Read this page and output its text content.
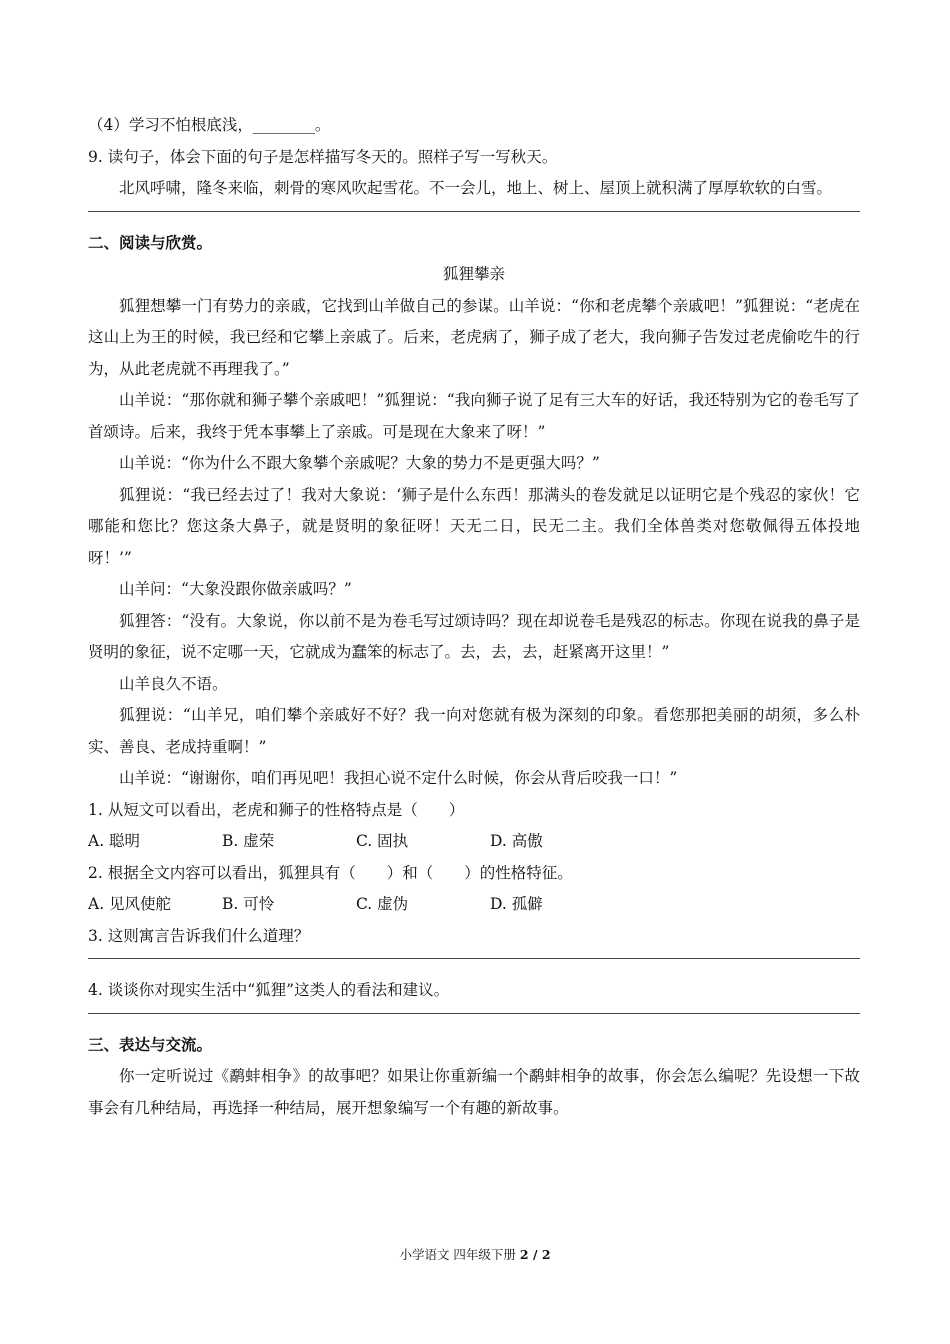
（4）学习不怕根底浅，________。
9. 读句子，体会下面的句子是怎样描写冬天的。照样子写一写秋天。
北风呼啸，隆冬来临，刺骨的寒风吹起雪花。不一会儿，地上、树上、屋顶上就积满了厚厚软软的白雪。
二、阅读与欣赏。
狐狸攀亲
狐狸想攀一门有势力的亲戚，它找到山羊做自己的参谋。山羊说：“你和老虎攀个亲戚吧！”狐狸说：“老虎在这山上为王的时候，我已经和它攀上亲戚了。后来，老虎病了，狮子成了老大，我向狮子告发过老虎偷吃牛的行为，从此老虎就不再理我了。”
山羊说：“那你就和狮子攀个亲戚吧！”狐狸说：“我向狮子说了足有三大车的好话，我还特别为它的卷毛写了首颂诗。后来，我终于凭本事攀上了亲戚。可是现在大象来了呀！”
山羊说：“你为什么不跟大象攀个亲戚呢？大象的势力不是更强大吗？”
狐狸说：“我已经去过了！我对大象说：‘狮子是什么东西！那满头的卷发就足以证明它是个残忍的家伙！它哪能和您比？您这条大鼻子，就是贤明的象征呀！天无二日，民无二主。我们全体兽类对您敬佩得五体投地呀！’”
山羊问：“大象没跟你做亲戚吗？”
狐狸答：“没有。大象说，你以前不是为卷毛写过颂诗吗？现在却说卷毛是残忍的标志。你现在说我的鼻子是贤明的象征，说不定哪一天，它就成为蠢笨的标志了。去，去，去，赶紧离开这里！”
山羊良久不语。
狐狸说：“山羊兄，咱们攀个亲戚好不好？我一向对您就有极为深刻的印象。看您那把美丽的胡须，多么朴实、善良、老成持重啊！”
山羊说：“谢谢你，咱们再见吧！我担心说不定什么时候，你会从背后咬我一口！”
1. 从短文可以看出，老虎和狮子的性格特点是（　　）
A. 聪明	B. 虚荣	C. 固执	D. 高傲
2. 根据全文内容可以看出，狐狸具有（　　）和（　　）的性格特征。
A. 见风使舵	B. 可怜	C. 虚伪	D. 孤僻
3. 这则寓言告诉我们什么道理？
4. 谈谈你对现实生活中“狐狸”这类人的看法和建议。
三、表达与交流。
你一定听说过《鹬蚌相争》的故事吧？如果让你重新编一个鹬蚌相争的故事，你会怎么编呢？先设想一下故事会有几种结局，再选择一种结局，展开想象编写一个有趣的新故事。
小学语文 四年级下册 2 / 2
